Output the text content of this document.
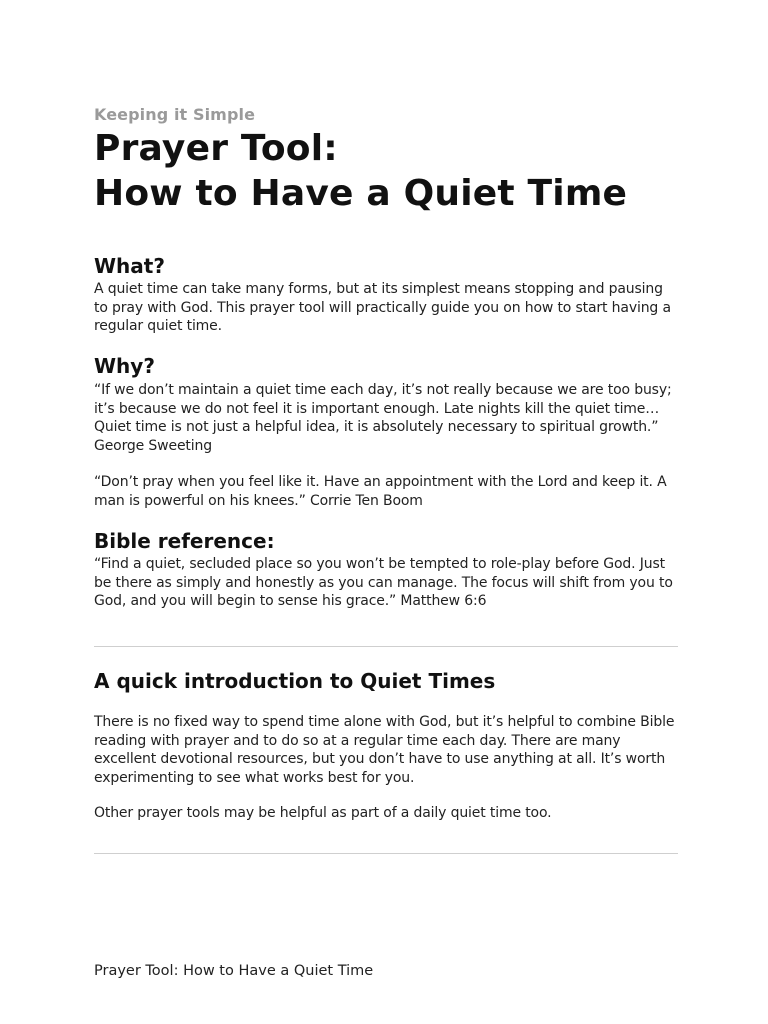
Keeping it Simple
Prayer Tool:
How to Have a Quiet Time
What?

A quiet time can take many forms, but at its simplest means stopping and pausing to pray with God. This prayer tool will practically guide you on how to start having a regular quiet time.

Why?

“If we don’t maintain a quiet time each day, it’s not really because we are too busy; it’s because we do not feel it is important enough. Late nights kill the quiet time… Quiet time is not just a helpful idea, it is absolutely necessary to spiritual growth.” George Sweeting

“Don’t pray when you feel like it. Have an appointment with the Lord and keep it. A man is powerful on his knees.” Corrie Ten Boom

Bible reference:

“Find a quiet, secluded place so you won’t be tempted to role-play before God. Just be there as simply and honestly as you can manage. The focus will shift from you to God, and you will begin to sense his grace.” Matthew 6:6

A quick introduction to Quiet Times

There is no fixed way to spend time alone with God, but it’s helpful to combine Bible reading with prayer and to do so at a regular time each day. There are many excellent devotional resources, but you don’t have to use anything at all. It’s worth experimenting to see what works best for you.

Other prayer tools may be helpful as part of a daily quiet time too.

Prayer Tool: How to Have a Quiet Time
